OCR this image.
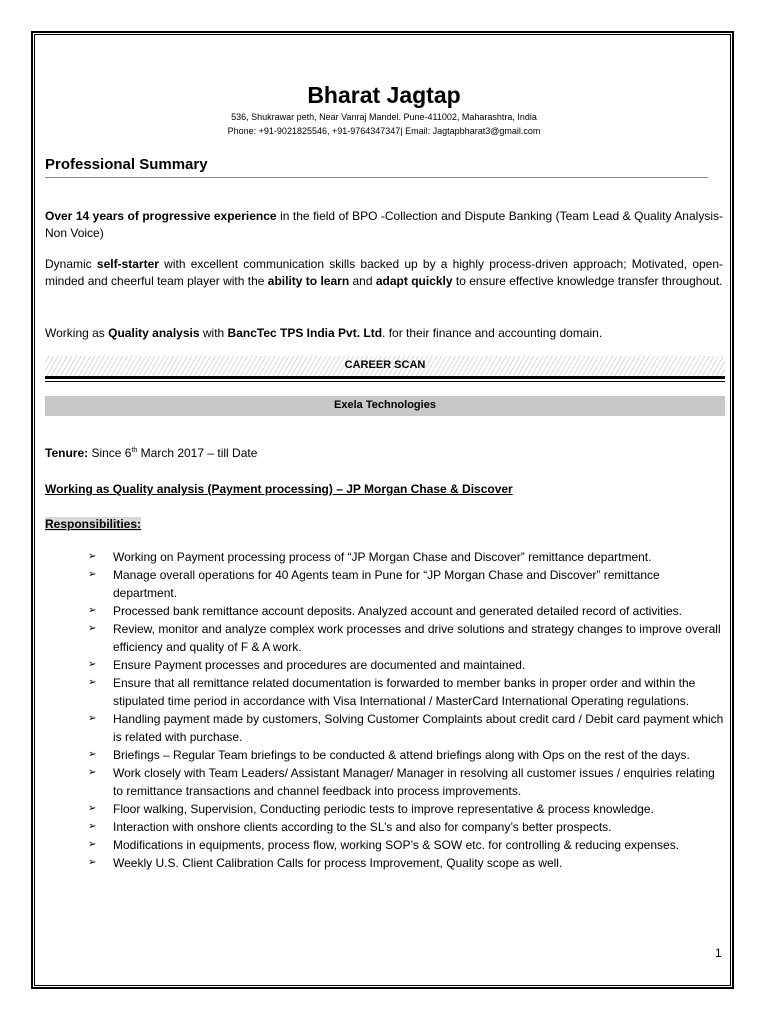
Bharat Jagtap
536, Shukrawar peth, Near Vanraj Mandel. Pune-411002, Maharashtra, India
Phone: +91-9021825546, +91-9764347347| Email: Jagtapbharat3@gmail.com
Professional Summary
Over 14 years of progressive experience in the field of BPO -Collection and Dispute Banking (Team Lead & Quality Analysis-Non Voice)
Dynamic self-starter with excellent communication skills backed up by a highly process-driven approach; Motivated, open-minded and cheerful team player with the ability to learn and adapt quickly to ensure effective knowledge transfer throughout.
Working as Quality analysis with BancTec TPS India Pvt. Ltd. for their finance and accounting domain.
CAREER SCAN
Exela Technologies
Tenure: Since 6th March 2017 – till Date
Working as Quality analysis (Payment processing) – JP Morgan Chase & Discover
Responsibilities:
➢ Working on Payment processing process of “JP Morgan Chase and Discover” remittance department.
➢ Manage overall operations for 40 Agents team in Pune for “JP Morgan Chase and Discover” remittance department.
➢ Processed bank remittance account deposits. Analyzed account and generated detailed record of activities.
➢ Review, monitor and analyze complex work processes and drive solutions and strategy changes to improve overall efficiency and quality of F & A work.
➢ Ensure Payment processes and procedures are documented and maintained.
➢ Ensure that all remittance related documentation is forwarded to member banks in proper order and within the stipulated time period in accordance with Visa International / MasterCard International Operating regulations.
➢ Handling payment made by customers, Solving Customer Complaints about credit card / Debit card payment which is related with purchase.
➢ Briefings – Regular Team briefings to be conducted & attend briefings along with Ops on the rest of the days.
➢ Work closely with Team Leaders/ Assistant Manager/ Manager in resolving all customer issues / enquiries relating to remittance transactions and channel feedback into process improvements.
➢ Floor walking, Supervision, Conducting periodic tests to improve representative & process knowledge.
➢ Interaction with onshore clients according to the SL’s and also for company’s better prospects.
➢ Modifications in equipments, process flow, working SOP’s & SOW etc. for controlling & reducing expenses.
➢ Weekly U.S. Client Calibration Calls for process Improvement, Quality scope as well.
1
